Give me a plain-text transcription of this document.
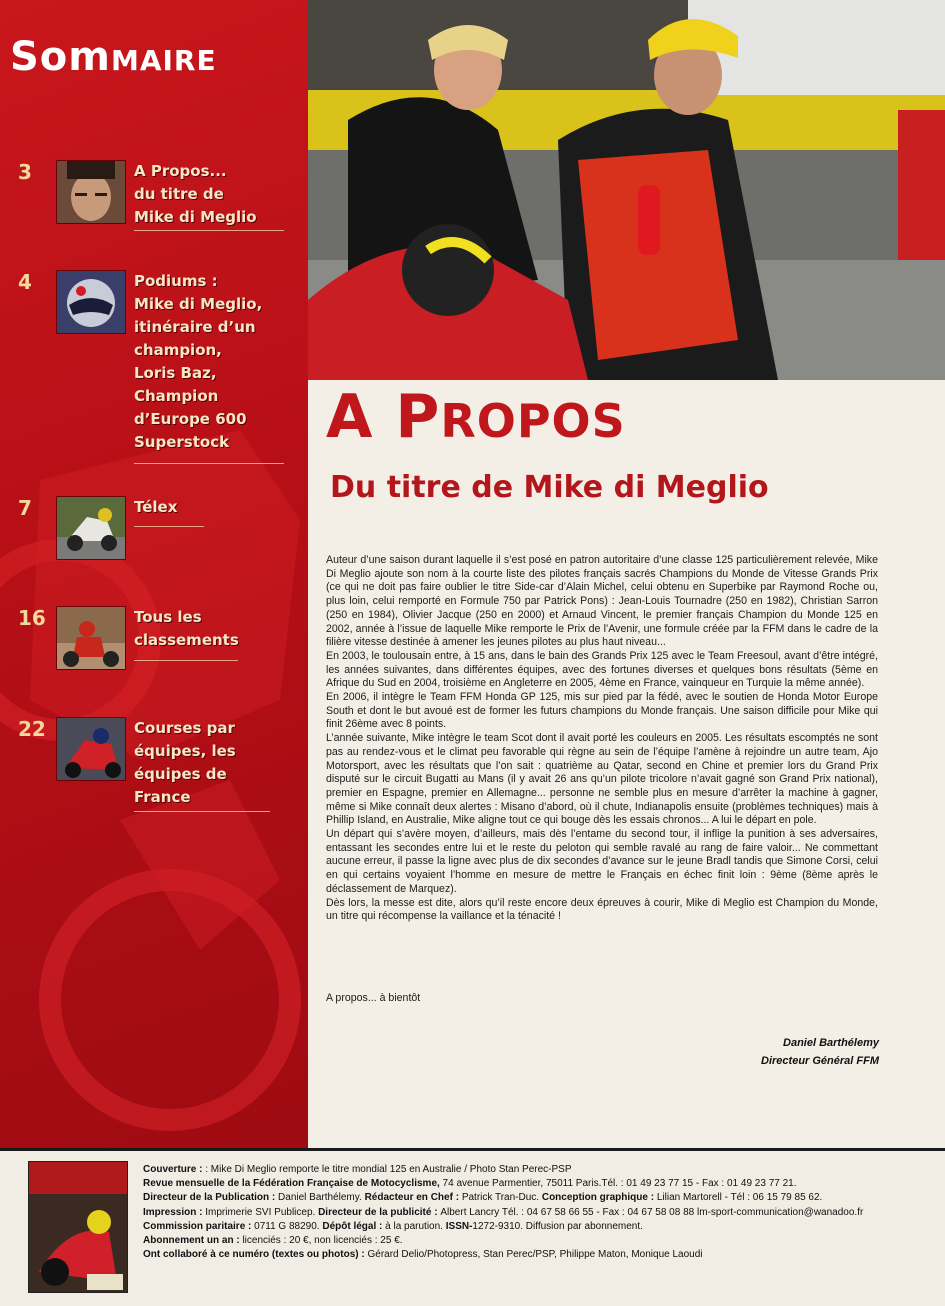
SomMAIRE
3	A Propos...
du titre de
Mike di Meglio
4	Podiums :
Mike di Meglio,
itinéraire d’un
champion,
Loris Baz,
Champion
d’Europe 600
Superstock
7	Télex
16	Tous les
classements
22	Courses par
équipes, les
équipes de
France
A PROPOS
Du titre de Mike di Meglio

Auteur d’une saison durant laquelle il s’est posé en patron autoritaire d’une classe 125 particulièrement relevée, Mike Di Meglio ajoute son nom à la courte liste des pilotes français sacrés Champions du Monde de Vitesse Grands Prix (ce qui ne doit pas faire oublier le titre Side-car d’Alain Michel, celui obtenu en Superbike par Raymond Roche ou, plus loin, celui remporté en Formule 750 par Patrick Pons) : Jean-Louis Tournadre (250 en 1982), Christian Sarron (250 en 1984), Olivier Jacque (250 en 2000) et Arnaud Vincent, le premier français Champion du Monde 125 en 2002, année à l’issue de laquelle Mike remporte le Prix de l’Avenir, une formule créée par la FFM dans le cadre de la filière vitesse destinée à amener les jeunes pilotes au plus haut niveau...

En 2003, le toulousain entre, à 15 ans, dans le bain des Grands Prix 125 avec le Team Freesoul, avant d’être intégré, les années suivantes, dans différentes équipes, avec des fortunes diverses et quelques bons résultats (5ème en Afrique du Sud en 2004, troisième en Angleterre en 2005, 4ème en France, vainqueur en Turquie la même année).

En 2006, il intègre le Team FFM Honda GP 125, mis sur pied par la fédé, avec le soutien de Honda Motor Europe South et dont le but avoué est de former les futurs champions du Monde français. Une saison difficile pour Mike qui finit 26ème avec 8 points.

L’année suivante, Mike intègre le team Scot dont il avait porté les couleurs en 2005. Les résultats escomptés ne sont pas au rendez-vous et le climat peu favorable qui règne au sein de l’équipe l’amène à rejoindre un autre team, Ajo Motorsport, avec les résultats que l’on sait : quatrième au Qatar, second en Chine et premier lors du Grand Prix disputé sur le circuit Bugatti au Mans (il y avait 26 ans qu’un pilote tricolore n’avait gagné son Grand Prix national), premier en Espagne, premier en Allemagne... personne ne semble plus en mesure d’arrêter la machine à gagner, même si Mike connaît deux alertes : Misano d’abord, où il chute, Indianapolis ensuite (problèmes techniques) mais à Phillip Island, en Australie, Mike aligne tout ce qui bouge dès les essais chronos... A lui le départ en pole.

Un départ qui s’avère moyen, d’ailleurs, mais dès l’entame du second tour, il inflige la punition à ses adversaires, entassant les secondes entre lui et le reste du peloton qui semble ravalé au rang de faire valoir... Ne commettant aucune erreur, il passe la ligne avec plus de dix secondes d’avance sur le jeune Bradl tandis que Simone Corsi, celui en qui certains voyaient l’homme en mesure de mettre le Français en échec finit loin : 9ème (8ème après le déclassement de Marquez).

Dès lors, la messe est dite, alors qu’il reste encore deux épreuves à courir, Mike di Meglio est Champion du Monde, un titre qui récompense la vaillance et la ténacité !

A propos... à bientôt
Daniel Barthélemy
Directeur Général FFM
Couverture : : Mike Di Meglio remporte le titre mondial 125 en Australie / Photo Stan Perec-PSP
Revue mensuelle de la Fédération Française de Motocyclisme, 74 avenue Parmentier, 75011 Paris.Tél. : 01 49 23 77 15 - Fax : 01 49 23 77 21.
Directeur de la Publication : Daniel Barthélemy. Rédacteur en Chef : Patrick Tran-Duc. Conception graphique : Lilian Martorell - Tél : 06 15 79 85 62.
Impression : Imprimerie SVI Publicep. Directeur de la publicité : Albert Lancry Tél. : 04 67 58 66 55 - Fax : 04 67 58 08 88 lm-sport-communication@wanadoo.fr
Commission paritaire : 0711 G 88290. Dépôt légal : à la parution. ISSN-1272-9310. Diffusion par abonnement.
Abonnement un an : licenciés : 20 €, non licenciés : 25 €.
Ont collaboré à ce numéro (textes ou photos) : Gérard Delio/Photopress, Stan Perec/PSP, Philippe Maton, Monique Laoudi
